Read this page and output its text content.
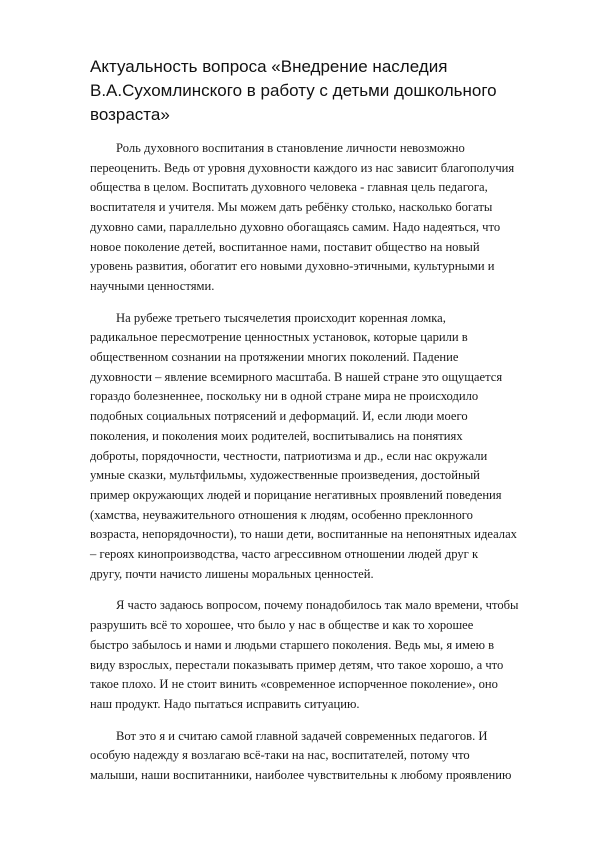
Актуальность вопроса «Внедрение наследия
В.А.Сухомлинского в работу с детьми дошкольного
возраста»

Роль духовного воспитания в становление личности невозможно
переоценить. Ведь от уровня духовности каждого из нас зависит благополучия
общества в целом. Воспитать духовного человека - главная цель педагога,
воспитателя и учителя. Мы можем дать ребёнку столько, насколько богаты
духовно сами, параллельно духовно обогащаясь самим. Надо надеяться, что
новое поколение детей, воспитанное нами, поставит общество на новый
уровень развития, обогатит его новыми духовно-этичными, культурными и
научными ценностями.

На рубеже третьего тысячелетия происходит коренная ломка,
радикальное пересмотрение ценностных установок, которые царили в
общественном сознании на протяжении многих поколений. Падение
духовности – явление всемирного масштаба. В нашей стране это ощущается
гораздо болезненнее, поскольку ни в одной стране мира не происходило
подобных социальных потрясений и деформаций. И, если люди моего
поколения, и поколения моих родителей, воспитывались на понятиях
доброты, порядочности, честности, патриотизма и др., если нас окружали
умные сказки, мультфильмы, художественные произведения, достойный
пример окружающих людей и порицание негативных проявлений поведения
(хамства, неуважительного отношения к людям, особенно преклонного
возраста, непорядочности), то наши дети, воспитанные на непонятных идеалах
– героях кинопроизводства, часто агрессивном отношении людей друг к
другу, почти начисто лишены моральных ценностей.

Я часто задаюсь вопросом, почему понадобилось так мало времени, чтобы
разрушить всё то хорошее, что было у нас в обществе и как то хорошее
быстро забылось и нами и людьми старшего поколения. Ведь мы, я имею в
виду взрослых, перестали показывать пример детям, что такое хорошо, а что
такое плохо. И не стоит винить «современное испорченное поколение», оно
наш продукт. Надо пытаться исправить ситуацию.

Вот это я и считаю самой главной задачей современных педагогов. И
особую надежду я возлагаю всё-таки на нас, воспитателей, потому что
малыши, наши воспитанники, наиболее чувствительны к любому проявлению
